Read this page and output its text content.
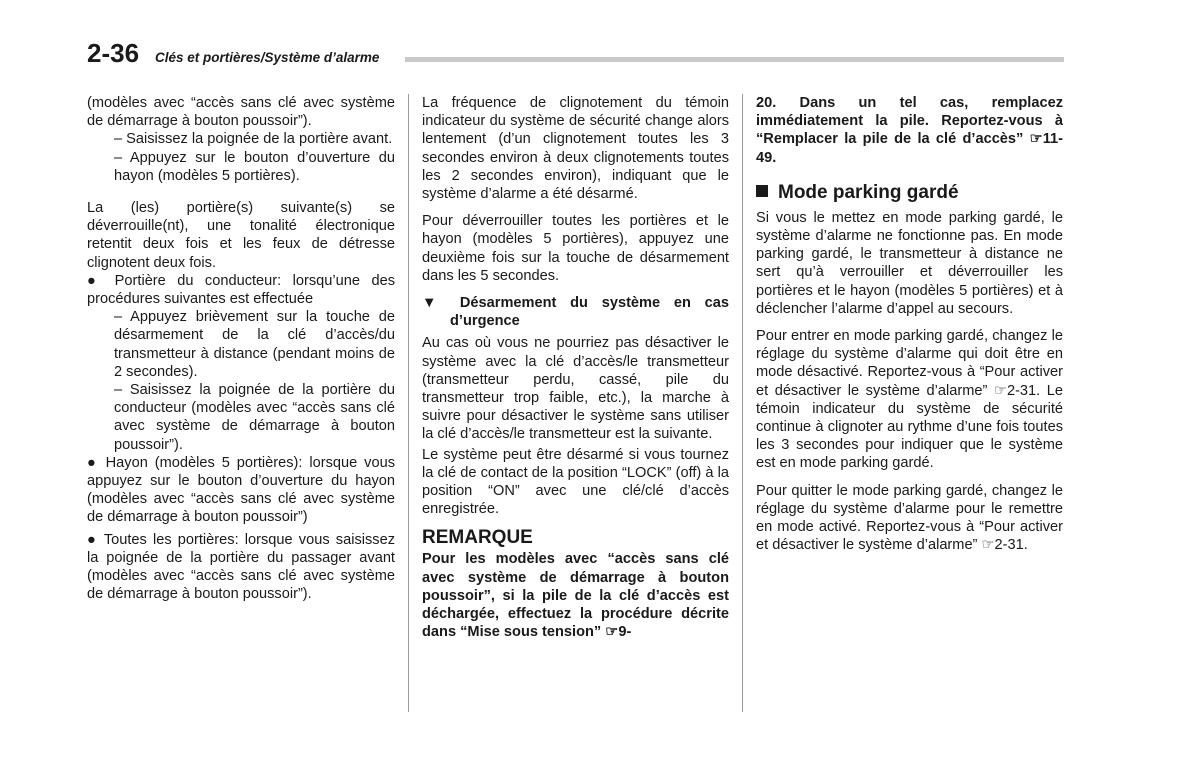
2-36 Clés et portières/Système d’alarme

(modèles avec “accès sans clé avec système de démarrage à bouton poussoir”).

– Saisissez la poignée de la portière avant.

– Appuyez sur le bouton d’ouverture du hayon (modèles 5 portières).

La (les) portière(s) suivante(s) se déverrouille(nt), une tonalité électronique retentit deux fois et les feux de détresse clignotent deux fois.

● Portière du conducteur: lorsqu’une des procédures suivantes est effectuée

– Appuyez brièvement sur la touche de désarmement de la clé d’accès/du transmetteur à distance (pendant moins de 2 secondes).

– Saisissez la poignée de la portière du conducteur (modèles avec “accès sans clé avec système de démarrage à bouton poussoir”).

● Hayon (modèles 5 portières): lorsque vous appuyez sur le bouton d’ouverture du hayon (modèles avec “accès sans clé avec système de démarrage à bouton poussoir”)

● Toutes les portières: lorsque vous saisissez la poignée de la portière du passager avant (modèles avec “accès sans clé avec système de démarrage à bouton poussoir”).

La fréquence de clignotement du témoin indicateur du système de sécurité change alors lentement (d’un clignotement toutes les 3 secondes environ à deux clignotements toutes les 2 secondes environ), indiquant que le système d’alarme a été désarmé.

Pour déverrouiller toutes les portières et le hayon (modèles 5 portières), appuyez une deuxième fois sur la touche de désarmement dans les 5 secondes.

▼ Désarmement du système en cas d’urgence

Au cas où vous ne pourriez pas désactiver le système avec la clé d’accès/le transmetteur (transmetteur perdu, cassé, pile du transmetteur trop faible, etc.), la marche à suivre pour désactiver le système sans utiliser la clé d’accès/le transmetteur est la suivante.

Le système peut être désarmé si vous tournez la clé de contact de la position “LOCK” (off) à la position “ON” avec une clé/clé d’accès enregistrée.

REMARQUE

Pour les modèles avec “accès sans clé avec système de démarrage à bouton poussoir”, si la pile de la clé d’accès est déchargée, effectuez la procédure décrite dans “Mise sous tension” ☞9-

20. Dans un tel cas, remplacez immédiatement la pile. Reportez-vous à “Remplacer la pile de la clé d’accès” ☞11-49.

Mode parking gardé

Si vous le mettez en mode parking gardé, le système d’alarme ne fonctionne pas. En mode parking gardé, le transmetteur à distance ne sert qu’à verrouiller et déverrouiller les portières et le hayon (modèles 5 portières) et à déclencher l’alarme d’appel au secours.

Pour entrer en mode parking gardé, changez le réglage du système d’alarme qui doit être en mode désactivé. Reportez-vous à “Pour activer et désactiver le système d’alarme” ☞2-31. Le témoin indicateur du système de sécurité continue à clignoter au rythme d’une fois toutes les 3 secondes pour indiquer que le système est en mode parking gardé.

Pour quitter le mode parking gardé, changez le réglage du système d’alarme pour le remettre en mode activé. Reportez-vous à “Pour activer et désactiver le système d’alarme” ☞2-31.
